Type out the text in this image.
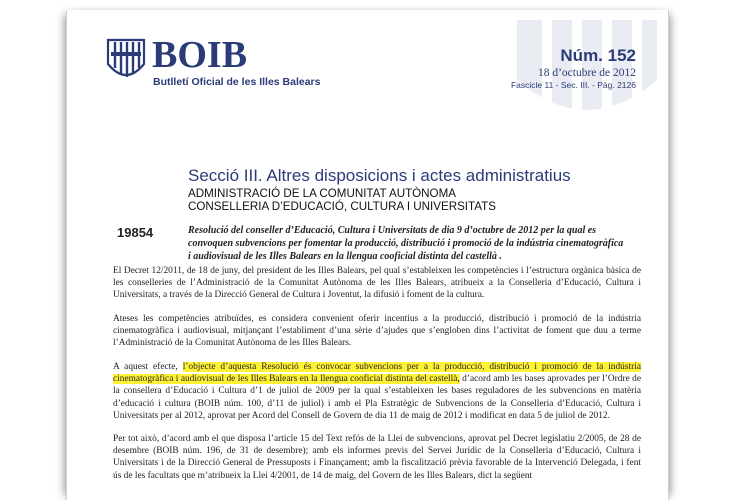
BOIB
Butlletí Oficial de les Illes Balears
Núm. 152
18 d’octubre de 2012
Fascicle 11 - Sec. III. - Pàg. 2126
Secció III. Altres disposicions i actes administratius
ADMINISTRACIÓ DE LA COMUNITAT AUTÒNOMA
CONSELLERIA D’EDUCACIÓ, CULTURA I UNIVERSITATS
19854	Resolució del conseller d’Educació, Cultura i Universitats de dia 9 d’octubre de 2012 per la qual es convoquen subvencions per fomentar la producció, distribució i promoció de la indústria cinematogràfica i audiovisual de les Illes Balears en la llengua cooficial distinta del castellà .
El Decret 12/2011, de 18 de juny, del president de les Illes Balears, pel qual s’estableixen les competències i l’estructura orgànica bàsica de les conselleries de l’Administració de la Comunitat Autònoma de les Illes Balears, atribueix a la Conselleria d’Educació, Cultura i Universitats, a través de la Direcció General de Cultura i Joventut, la difusió i foment de la cultura.
Ateses les competències atribuïdes, es considera convenient oferir incentius a la producció, distribució i promoció de la indústria cinematogràfica i audiovisual, mitjançant l’establiment d’una sèrie d’ajudes que s’engloben dins l’activitat de foment que duu a terme l’Administració de la Comunitat Autònoma de les Illes Balears.
A aquest efecte, l’objecte d’aquesta Resolució és convocar subvencions per a la producció, distribució i promoció de la indústria cinematogràfica i audiovisual de les Illes Balears en la llengua cooficial distinta del castellà, d’acord amb les bases aprovades per l’Ordre de la consellera d’Educació i Cultura d’1 de juliol de 2009 per la qual s’estableixen les bases reguladores de les subvencions en matèria d’educació i cultura (BOIB núm. 100, d’11 de juliol) i amb el Pla Estratègic de Subvencions de la Conselleria d’Educació, Cultura i Universitats per al 2012, aprovat per Acord del Consell de Govern de dia 11 de maig de 2012 i modificat en data 5 de juliol de 2012.
Per tot això, d’acord amb el que disposa l’article 15 del Text refós de la Llei de subvencions, aprovat pel Decret legislatiu 2/2005, de 28 de desembre (BOIB núm. 196, de 31 de desembre); amb els informes previs del Servei Jurídic de la Conselleria d’Educació, Cultura i Universitats i de la Direcció General de Pressuposts i Finançament; amb la fiscalització prèvia favorable de la Intervenció Delegada, i fent ús de les facultats que m’atribueix la Llei 4/2001, de 14 de maig, del Govern de les Illes Balears, dict la següent
